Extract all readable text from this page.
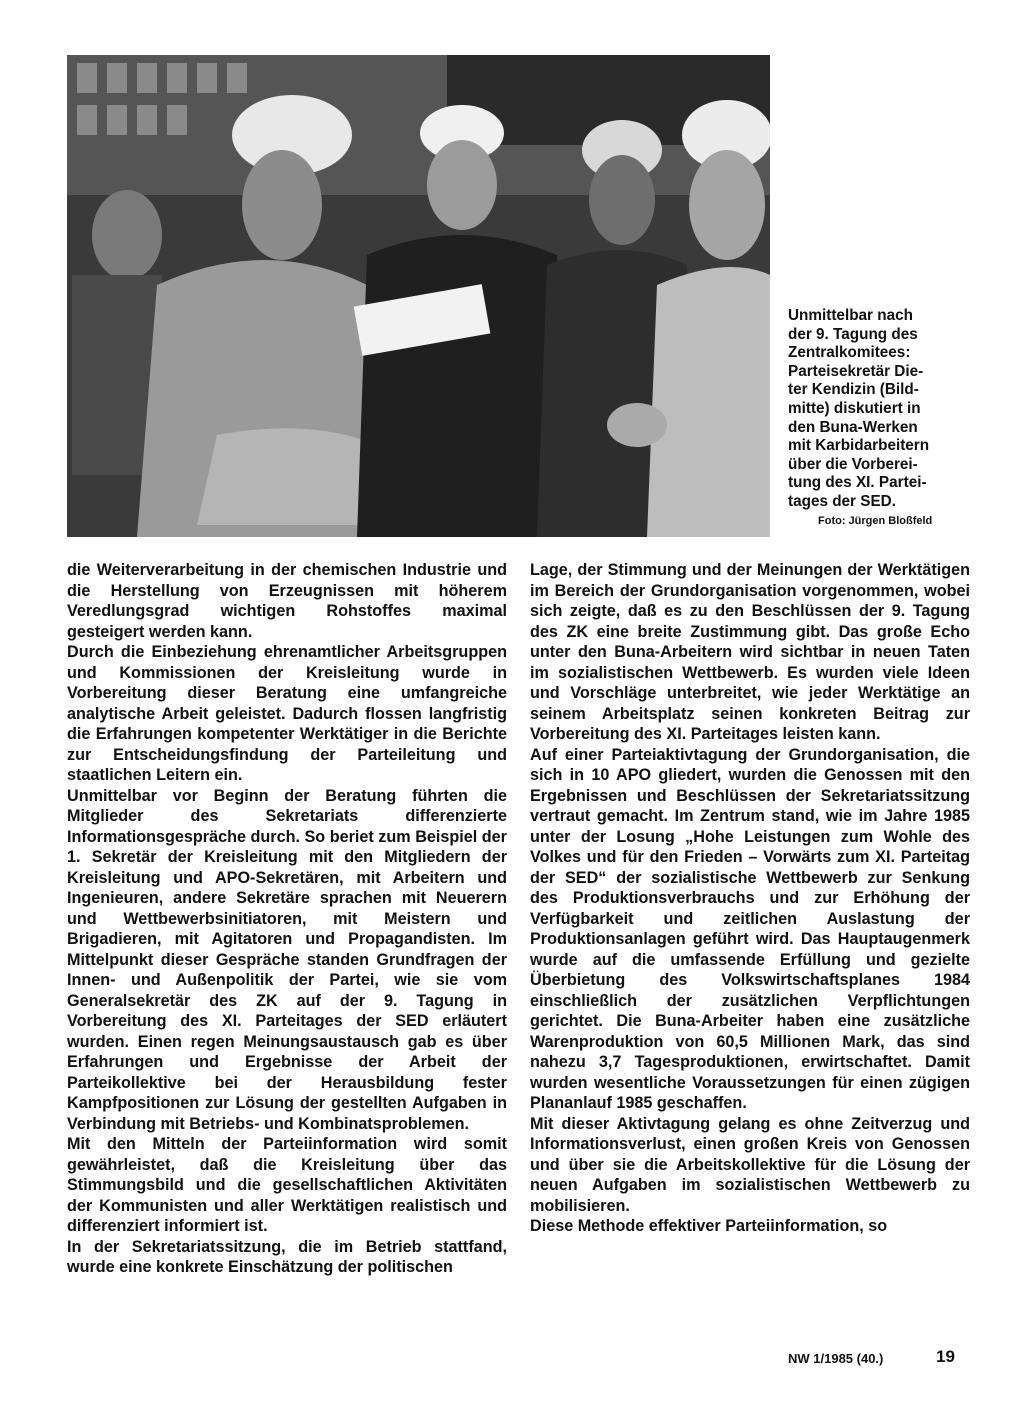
Unmittelbar nach
der 9. Tagung des
Zentralkomitees:
Parteisekretär Die-
ter Kendizin (Bild-
mitte) diskutiert in
den Buna-Werken
mit Karbidarbeitern
über die Vorberei-
tung des XI. Partei-
tages der SED.
Foto: Jürgen Bloßfeld

die Weiterverarbeitung in der chemischen Industrie und die Herstellung von Erzeugnissen mit höherem Veredlungsgrad wichtigen Rohstoffes maximal gesteigert werden kann.

Durch die Einbeziehung ehrenamtlicher Arbeitsgruppen und Kommissionen der Kreisleitung wurde in Vorbereitung dieser Beratung eine umfangreiche analytische Arbeit geleistet. Dadurch flossen langfristig die Erfahrungen kompetenter Werktätiger in die Berichte zur Entscheidungsfindung der Parteileitung und staatlichen Leitern ein.

Unmittelbar vor Beginn der Beratung führten die Mitglieder des Sekretariats differenzierte Informationsgespräche durch. So beriet zum Beispiel der 1. Sekretär der Kreisleitung mit den Mitgliedern der Kreisleitung und APO-Sekretären, mit Arbeitern und Ingenieuren, andere Sekretäre sprachen mit Neuerern und Wettbewerbsinitiatoren, mit Meistern und Brigadieren, mit Agitatoren und Propagandisten. Im Mittelpunkt dieser Gespräche standen Grundfragen der Innen- und Außenpolitik der Partei, wie sie vom Generalsekretär des ZK auf der 9. Tagung in Vorbereitung des XI. Parteitages der SED erläutert wurden. Einen regen Meinungsaustausch gab es über Erfahrungen und Ergebnisse der Arbeit der Parteikollektive bei der Herausbildung fester Kampfpositionen zur Lösung der gestellten Aufgaben in Verbindung mit Betriebs- und Kombinatsproblemen.

Mit den Mitteln der Parteiinformation wird somit gewährleistet, daß die Kreisleitung über das Stimmungsbild und die gesellschaftlichen Aktivitäten der Kommunisten und aller Werktätigen realistisch und differenziert informiert ist.

In der Sekretariatssitzung, die im Betrieb stattfand, wurde eine konkrete Einschätzung der politischen

Lage, der Stimmung und der Meinungen der Werktätigen im Bereich der Grundorganisation vorgenommen, wobei sich zeigte, daß es zu den Beschlüssen der 9. Tagung des ZK eine breite Zustimmung gibt. Das große Echo unter den Buna-Arbeitern wird sichtbar in neuen Taten im sozialistischen Wettbewerb. Es wurden viele Ideen und Vorschläge unterbreitet, wie jeder Werktätige an seinem Arbeitsplatz seinen konkreten Beitrag zur Vorbereitung des XI. Parteitages leisten kann.

Auf einer Parteiaktivtagung der Grundorganisation, die sich in 10 APO gliedert, wurden die Genossen mit den Ergebnissen und Beschlüssen der Sekretariatssitzung vertraut gemacht. Im Zentrum stand, wie im Jahre 1985 unter der Losung „Hohe Leistungen zum Wohle des Volkes und für den Frieden – Vorwärts zum XI. Parteitag der SED“ der sozialistische Wettbewerb zur Senkung des Produktionsverbrauchs und zur Erhöhung der Verfügbarkeit und zeitlichen Auslastung der Produktionsanlagen geführt wird. Das Hauptaugenmerk wurde auf die umfassende Erfüllung und gezielte Überbietung des Volkswirtschaftsplanes 1984 einschließlich der zusätzlichen Verpflichtungen gerichtet. Die Buna-Arbeiter haben eine zusätzliche Warenproduktion von 60,5 Millionen Mark, das sind nahezu 3,7 Tagesproduktionen, erwirtschaftet. Damit wurden wesentliche Voraussetzungen für einen zügigen Plananlauf 1985 geschaffen.

Mit dieser Aktivtagung gelang es ohne Zeitverzug und Informationsverlust, einen großen Kreis von Genossen und über sie die Arbeitskollektive für die Lösung der neuen Aufgaben im sozialistischen Wettbewerb zu mobilisieren.

Diese Methode effektiver Parteiinformation, so

NW 1/1985 (40.)	19
